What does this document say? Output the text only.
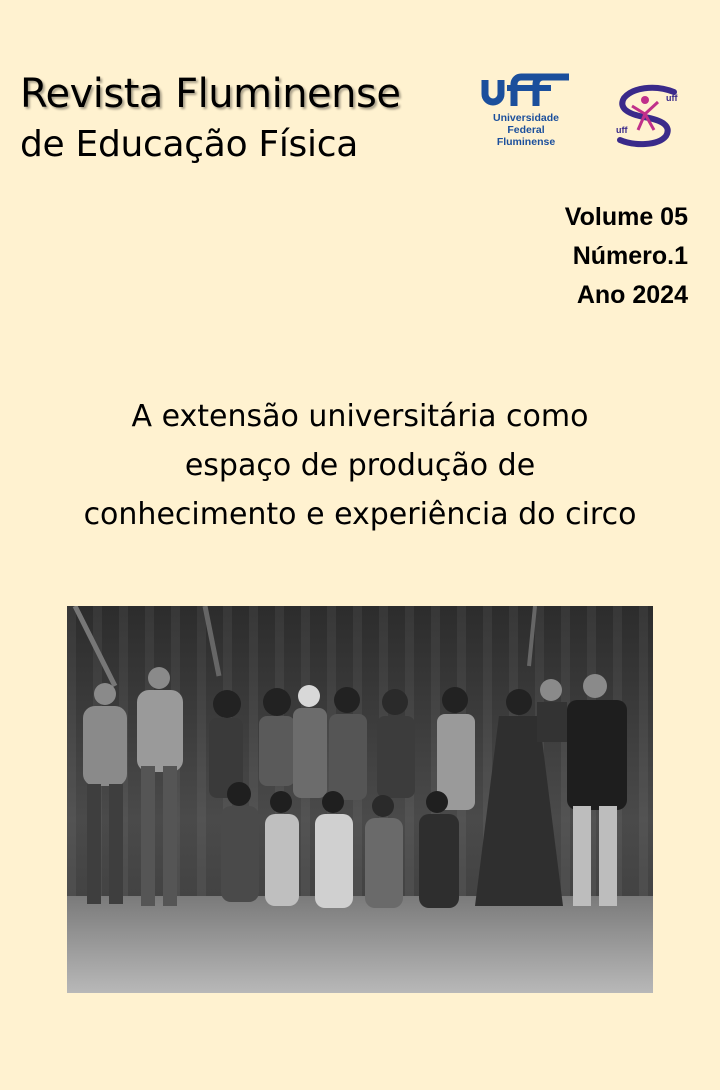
Revista Fluminense
de Educação Física
Universidade
Federal
Fluminense
uff
uff
Volume 05
Número.1
Ano 2024
A extensão universitária como
espaço de produção de
conhecimento e experiência do circo
